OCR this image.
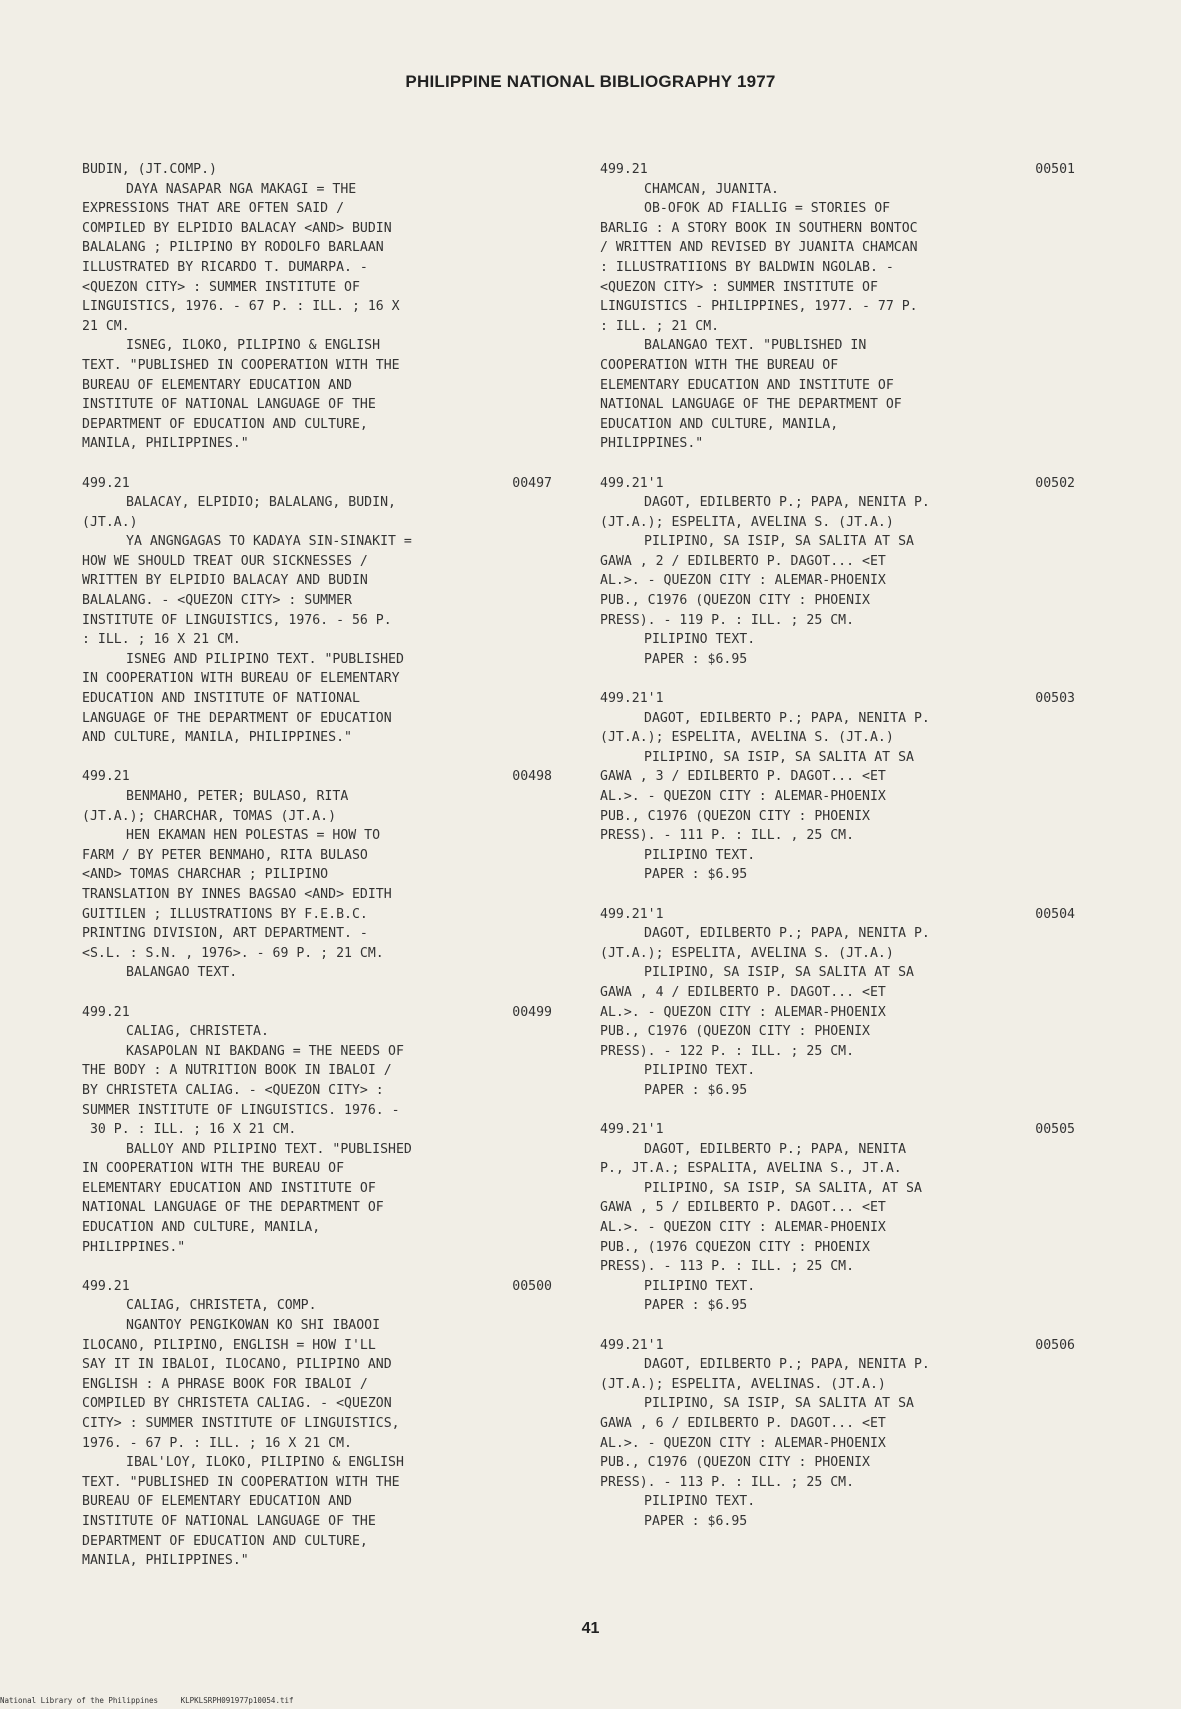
PHILIPPINE NATIONAL BIBLIOGRAPHY 1977
BUDIN, (JT.COMP.)
DAYA NASAPAR NGA MAKAGI = THE
EXPRESSIONS THAT ARE OFTEN SAID /
COMPILED BY ELPIDIO BALACAY <AND> BUDIN
BALALANG ; PILIPINO BY RODOLFO BARLAAN
ILLUSTRATED BY RICARDO T. DUMARPA. -
<QUEZON CITY> : SUMMER INSTITUTE OF
LINGUISTICS, 1976. - 67 P. : ILL. ; 16 X
21 CM.
ISNEG, ILOKO, PILIPINO & ENGLISH
TEXT. "PUBLISHED IN COOPERATION WITH THE
BUREAU OF ELEMENTARY EDUCATION AND
INSTITUTE OF NATIONAL LANGUAGE OF THE
DEPARTMENT OF EDUCATION AND CULTURE,
MANILA, PHILIPPINES."
499.21	00497
BALACAY, ELPIDIO; BALALANG, BUDIN,
(JT.A.)
YA ANGNGAGAS TO KADAYA SIN-SINAKIT =
HOW WE SHOULD TREAT OUR SICKNESSES /
WRITTEN BY ELPIDIO BALACAY AND BUDIN
BALALANG. - <QUEZON CITY> : SUMMER
INSTITUTE OF LINGUISTICS, 1976. - 56 P.
: ILL. ; 16 X 21 CM.
ISNEG AND PILIPINO TEXT. "PUBLISHED
IN COOPERATION WITH BUREAU OF ELEMENTARY
EDUCATION AND INSTITUTE OF NATIONAL
LANGUAGE OF THE DEPARTMENT OF EDUCATION
AND CULTURE, MANILA, PHILIPPINES."
499.21	00498
BENMAHO, PETER; BULASO, RITA
(JT.A.); CHARCHAR, TOMAS (JT.A.)
HEN EKAMAN HEN POLESTAS = HOW TO
FARM / BY PETER BENMAHO, RITA BULASO
<AND> TOMAS CHARCHAR ; PILIPINO
TRANSLATION BY INNES BAGSAO <AND> EDITH
GUITILEN ; ILLUSTRATIONS BY F.E.B.C.
PRINTING DIVISION, ART DEPARTMENT. -
<S.L. : S.N. , 1976>. - 69 P. ; 21 CM.
BALANGAO TEXT.
499.21	00499
CALIAG, CHRISTETA.
KASAPOLAN NI BAKDANG = THE NEEDS OF
THE BODY : A NUTRITION BOOK IN IBALOI /
BY CHRISTETA CALIAG. - <QUEZON CITY> :
SUMMER INSTITUTE OF LINGUISTICS. 1976. -
30 P. : ILL. ; 16 X 21 CM.
BALLOY AND PILIPINO TEXT. "PUBLISHED
IN COOPERATION WITH THE BUREAU OF
ELEMENTARY EDUCATION AND INSTITUTE OF
NATIONAL LANGUAGE OF THE DEPARTMENT OF
EDUCATION AND CULTURE, MANILA,
PHILIPPINES."
499.21	00500
CALIAG, CHRISTETA, COMP.
NGANTOY PENGIKOWAN KO SHI IBAOOI
ILOCANO, PILIPINO, ENGLISH = HOW I'LL
SAY IT IN IBALOI, ILOCANO, PILIPINO AND
ENGLISH : A PHRASE BOOK FOR IBALOI /
COMPILED BY CHRISTETA CALIAG. - <QUEZON
CITY> : SUMMER INSTITUTE OF LINGUISTICS,
1976. - 67 P. : ILL. ; 16 X 21 CM.
IBAL'LOY, ILOKO, PILIPINO & ENGLISH
TEXT. "PUBLISHED IN COOPERATION WITH THE
BUREAU OF ELEMENTARY EDUCATION AND
INSTITUTE OF NATIONAL LANGUAGE OF THE
DEPARTMENT OF EDUCATION AND CULTURE,
MANILA, PHILIPPINES."
499.21	00501
CHAMCAN, JUANITA.
OB-OFOK AD FIALLIG = STORIES OF
BARLIG : A STORY BOOK IN SOUTHERN BONTOC
/ WRITTEN AND REVISED BY JUANITA CHAMCAN
: ILLUSTRATIIONS BY BALDWIN NGOLAB. -
<QUEZON CITY> : SUMMER INSTITUTE OF
LINGUISTICS - PHILIPPINES, 1977. - 77 P.
: ILL. ; 21 CM.
BALANGAO TEXT. "PUBLISHED IN
COOPERATION WITH THE BUREAU OF
ELEMENTARY EDUCATION AND INSTITUTE OF
NATIONAL LANGUAGE OF THE DEPARTMENT OF
EDUCATION AND CULTURE, MANILA,
PHILIPPINES."
499.21'1	00502
DAGOT, EDILBERTO P.; PAPA, NENITA P.
(JT.A.); ESPELITA, AVELINA S. (JT.A.)
PILIPINO, SA ISIP, SA SALITA AT SA
GAWA , 2 / EDILBERTO P. DAGOT... <ET
AL.>. - QUEZON CITY : ALEMAR-PHOENIX
PUB., C1976 (QUEZON CITY : PHOENIX
PRESS). - 119 P. : ILL. ; 25 CM.
PILIPINO TEXT.
PAPER : $6.95
499.21'1	00503
DAGOT, EDILBERTO P.; PAPA, NENITA P.
(JT.A.); ESPELITA, AVELINA S. (JT.A.)
PILIPINO, SA ISIP, SA SALITA AT SA
GAWA , 3 / EDILBERTO P. DAGOT... <ET
AL.>. - QUEZON CITY : ALEMAR-PHOENIX
PUB., C1976 (QUEZON CITY : PHOENIX
PRESS). - 111 P. : ILL. , 25 CM.
PILIPINO TEXT.
PAPER : $6.95
499.21'1	00504
DAGOT, EDILBERTO P.; PAPA, NENITA P.
(JT.A.); ESPELITA, AVELINA S. (JT.A.)
PILIPINO, SA ISIP, SA SALITA AT SA
GAWA , 4 / EDILBERTO P. DAGOT... <ET
AL.>. - QUEZON CITY : ALEMAR-PHOENIX
PUB., C1976 (QUEZON CITY : PHOENIX
PRESS). - 122 P. : ILL. ; 25 CM.
PILIPINO TEXT.
PAPER : $6.95
499.21'1	00505
DAGOT, EDILBERTO P.; PAPA, NENITA
P., JT.A.; ESPALITA, AVELINA S., JT.A.
PILIPINO, SA ISIP, SA SALITA, AT SA
GAWA , 5 / EDILBERTO P. DAGOT... <ET
AL.>. - QUEZON CITY : ALEMAR-PHOENIX
PUB., (1976 CQUEZON CITY : PHOENIX
PRESS). - 113 P. : ILL. ; 25 CM.
PILIPINO TEXT.
PAPER : $6.95
499.21'1	00506
DAGOT, EDILBERTO P.; PAPA, NENITA P.
(JT.A.); ESPELITA, AVELINAS. (JT.A.)
PILIPINO, SA ISIP, SA SALITA AT SA
GAWA , 6 / EDILBERTO P. DAGOT... <ET
AL.>. - QUEZON CITY : ALEMAR-PHOENIX
PUB., C1976 (QUEZON CITY : PHOENIX
PRESS). - 113 P. : ILL. ; 25 CM.
PILIPINO TEXT.
PAPER : $6.95
41
National Library of the Philippines     KLPKLSRPH091977p10054.tif
